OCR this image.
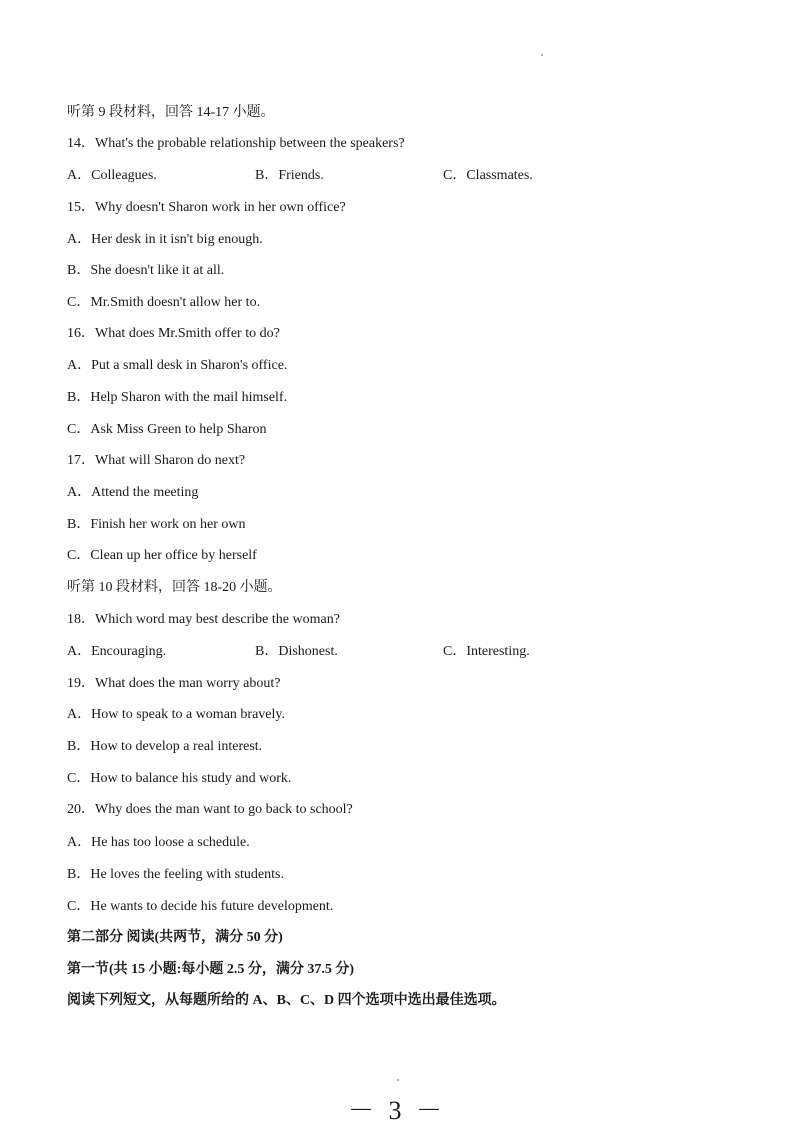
听第 9 段材料，回答 14-17 小题。
14．What's the probable relationship between the speakers?
A．Colleagues.	B．Friends.	C．Classmates.
15．Why doesn't Sharon work in her own office?
A．Her desk in it isn't big enough.
B．She doesn't like it at all.
C．Mr.Smith doesn't allow her to.
16．What does Mr.Smith offer to do?
A．Put a small desk in Sharon's office.
B．Help Sharon with the mail himself.
C．Ask Miss Green to help Sharon
17．What will Sharon do next?
A．Attend the meeting
B．Finish her work on her own
C．Clean up her office by herself
听第 10 段材料，回答 18-20 小题。
18．Which word may best describe the woman?
A．Encouraging.	B．Dishonest.	C．Interesting.
19．What does the man worry about?
A．How to speak to a woman bravely.
B．How to develop a real interest.
C．How to balance his study and work.
20．Why does the man want to go back to school?
A．He has too loose a schedule.
B．He loves the feeling with students.
C．He wants to decide his future development.
第二部分 阅读(共两节，满分 50 分)
第一节(共 15 小题:每小题 2.5 分，满分 37.5 分)
阅读下列短文，从每题所给的 A、B、C、D 四个选项中选出最佳选项。
－ 3 －
